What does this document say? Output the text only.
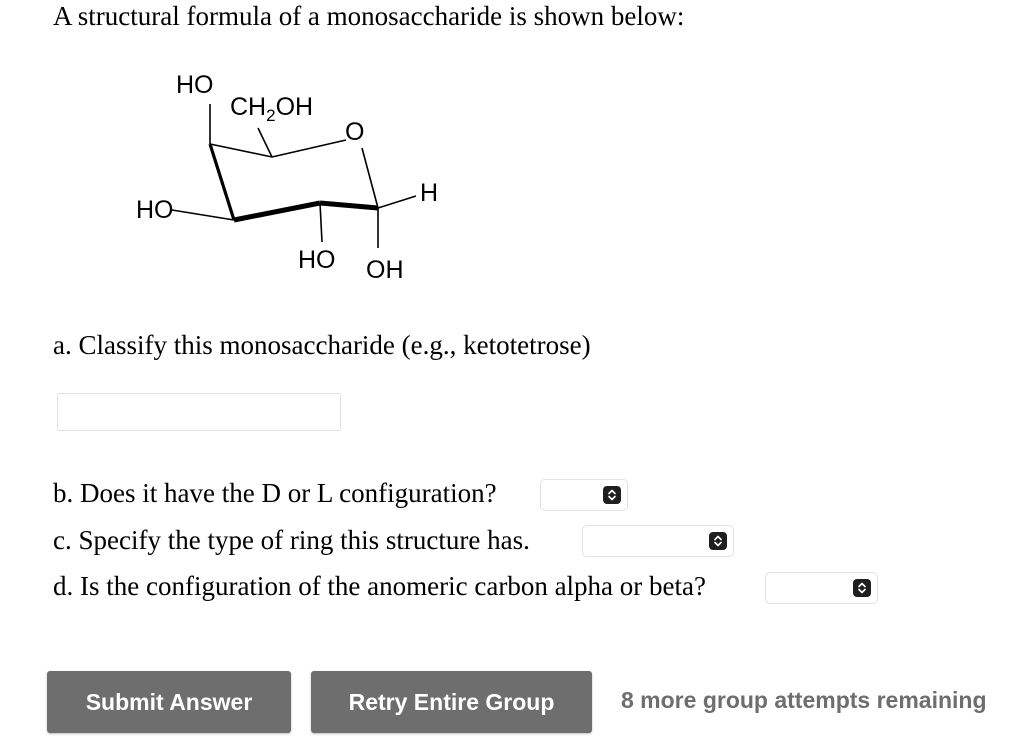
A structural formula of a monosaccharide is shown below:
HO
$CH_2OH$
O
H
HO
HO OH
a. Classify this monosaccharide (e.g., ketotetrose)
b. Does it have the D or L configuration?
c. Specify the type of ring this structure has.
d. Is the configuration of the anomeric carbon alpha or beta?
Submit Answer	Retry Entire Group	8 more group attempts remaining
